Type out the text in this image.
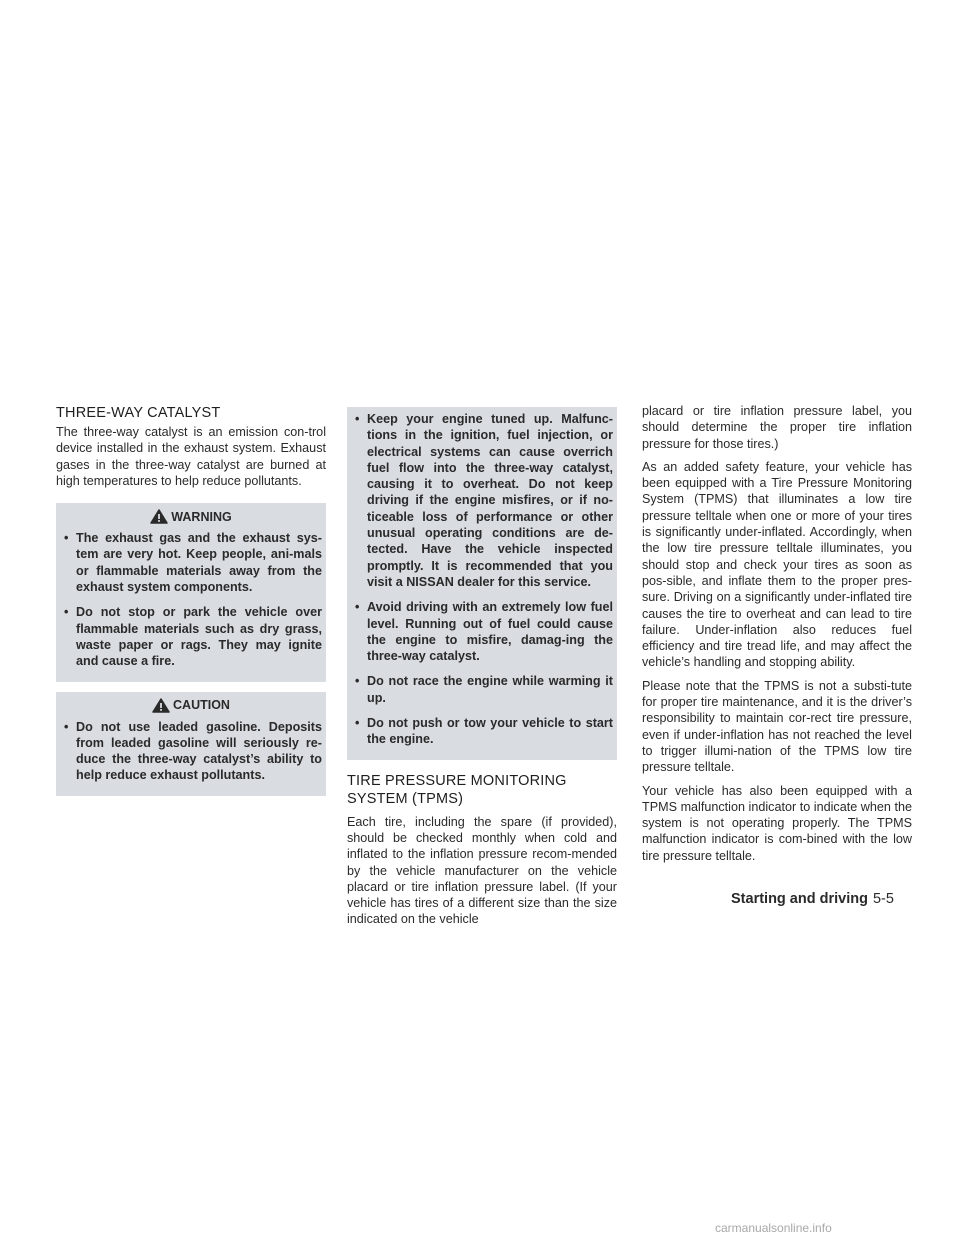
THREE-WAY CATALYST

The three-way catalyst is an emission con-trol device installed in the exhaust system. Exhaust gases in the three-way catalyst are burned at high temperatures to help reduce pollutants.

WARNING
• The exhaust gas and the exhaust sys-tem are very hot. Keep people, ani-mals or flammable materials away from the exhaust system components.
• Do not stop or park the vehicle over flammable materials such as dry grass, waste paper or rags. They may ignite and cause a fire.
CAUTION
• Do not use leaded gasoline. Deposits from leaded gasoline will seriously re-duce the three-way catalyst’s ability to help reduce exhaust pollutants.
• Keep your engine tuned up. Malfunc-tions in the ignition, fuel injection, or electrical systems can cause overrich fuel flow into the three-way catalyst, causing it to overheat. Do not keep driving if the engine misfires, or if no-ticeable loss of performance or other unusual operating conditions are de-tected. Have the vehicle inspected promptly. It is recommended that you visit a NISSAN dealer for this service.
• Avoid driving with an extremely low fuel level. Running out of fuel could cause the engine to misfire, damag-ing the three-way catalyst.
• Do not race the engine while warming it up.
• Do not push or tow your vehicle to start the engine.
TIRE PRESSURE MONITORING
SYSTEM (TPMS)

Each tire, including the spare (if provided), should be checked monthly when cold and inflated to the inflation pressure recom-mended by the vehicle manufacturer on the vehicle placard or tire inflation pressure label. (If your vehicle has tires of a different size than the size indicated on the vehicle

placard or tire inflation pressure label, you should determine the proper tire inflation pressure for those tires.)

As an added safety feature, your vehicle has been equipped with a Tire Pressure Monitoring System (TPMS) that illuminates a low tire pressure telltale when one or more of your tires is significantly under-inflated. Accordingly, when the low tire pressure telltale illuminates, you should stop and check your tires as soon as pos-sible, and inflate them to the proper pres-sure. Driving on a significantly under-inflated tire causes the tire to overheat and can lead to tire failure. Under-inflation also reduces fuel efficiency and tire tread life, and may affect the vehicle’s handling and stopping ability.

Please note that the TPMS is not a substi-tute for proper tire maintenance, and it is the driver’s responsibility to maintain cor-rect tire pressure, even if under-inflation has not reached the level to trigger illumi-nation of the TPMS low tire pressure telltale.

Your vehicle has also been equipped with a TPMS malfunction indicator to indicate when the system is not operating properly. The TPMS malfunction indicator is com-bined with the low tire pressure telltale.

Starting and driving 5-5
carmanualsonline.info
